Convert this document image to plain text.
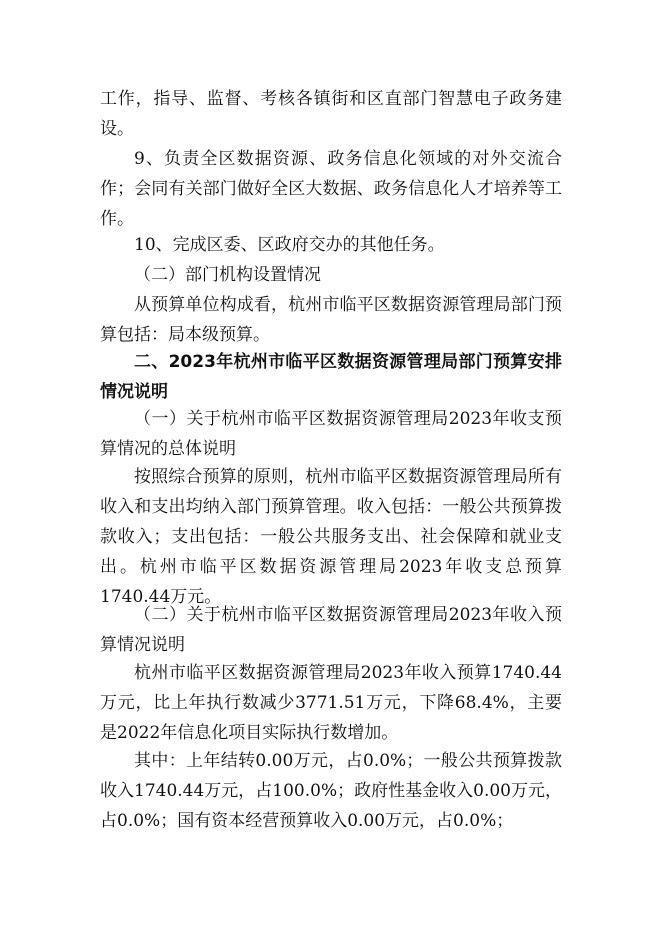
工作，指导、监督、考核各镇街和区直部门智慧电子政务建设。

9、负责全区数据资源、政务信息化领域的对外交流合作；会同有关部门做好全区大数据、政务信息化人才培养等工作。

10、完成区委、区政府交办的其他任务。

（二）部门机构设置情况

从预算单位构成看，杭州市临平区数据资源管理局部门预算包括：局本级预算。

二、2023年杭州市临平区数据资源管理局部门预算安排情况说明

（一）关于杭州市临平区数据资源管理局2023年收支预算情况的总体说明

按照综合预算的原则，杭州市临平区数据资源管理局所有收入和支出均纳入部门预算管理。收入包括：一般公共预算拨款收入；支出包括：一般公共服务支出、社会保障和就业支出。杭州市临平区数据资源管理局2023年收支总预算1740.44万元。

（二）关于杭州市临平区数据资源管理局2023年收入预算情况说明

杭州市临平区数据资源管理局2023年收入预算1740.44万元，比上年执行数减少3771.51万元，下降68.4%，主要是2022年信息化项目实际执行数增加。

其中：上年结转0.00万元，占0.0%；一般公共预算拨款收入1740.44万元，占100.0%；政府性基金收入0.00万元，占0.0%；国有资本经营预算收入0.00万元，占0.0%；
